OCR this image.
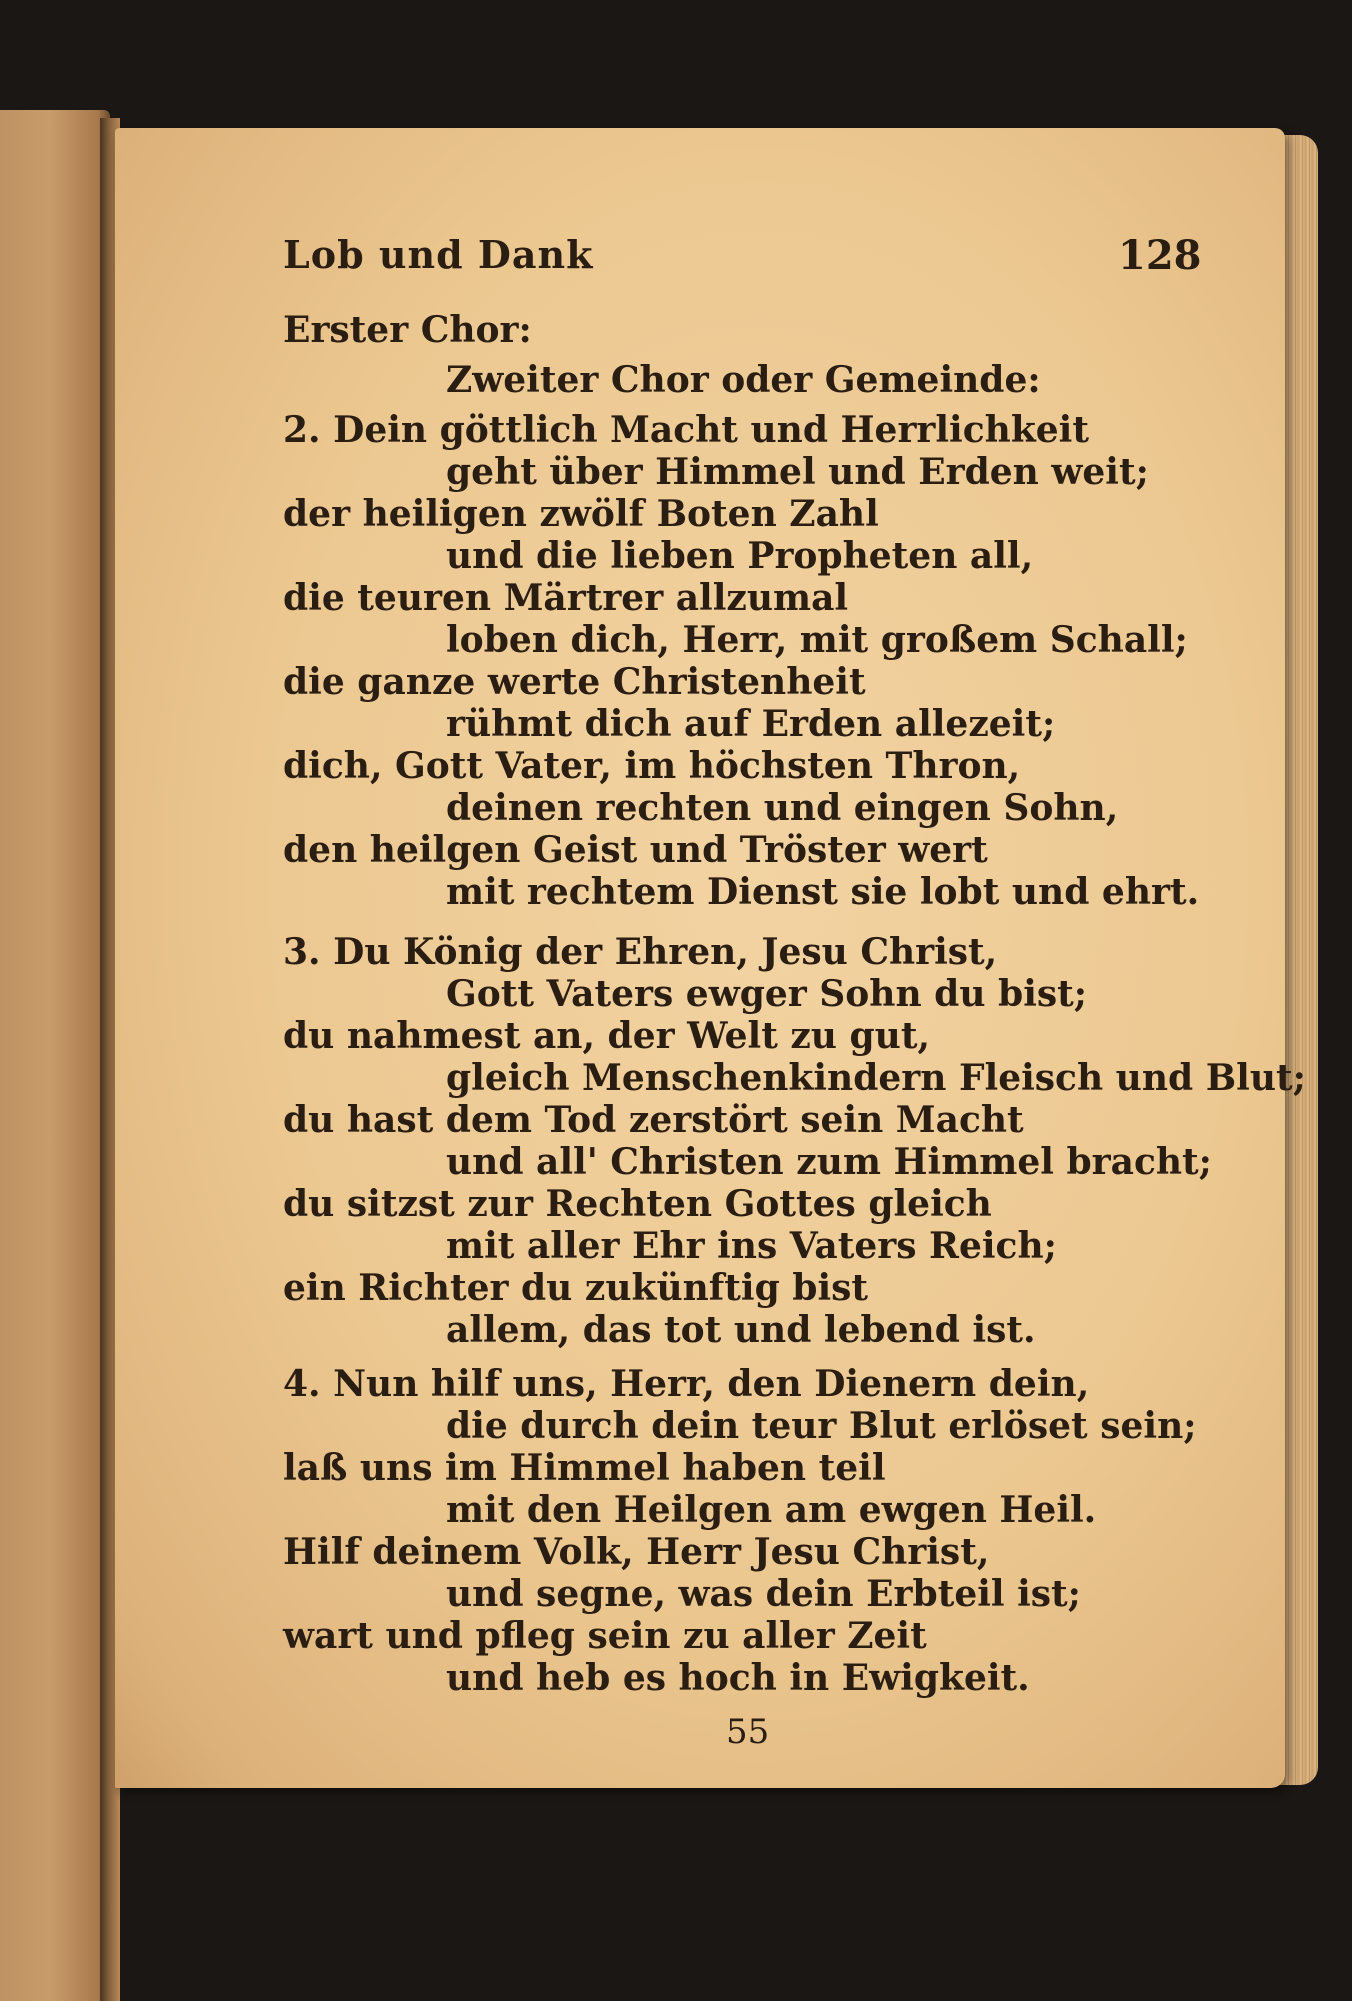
Lob und Dank	128
Erster Chor:
Zweiter Chor oder Gemeinde:
2. Dein göttlich Macht und Herrlichkeit
geht über Himmel und Erden weit;
der heiligen zwölf Boten Zahl
und die lieben Propheten all,
die teuren Märtrer allzumal
loben dich, Herr, mit großem Schall;
die ganze werte Christenheit
rühmt dich auf Erden allezeit;
dich, Gott Vater, im höchsten Thron,
deinen rechten und eingen Sohn,
den heilgen Geist und Tröster wert
mit rechtem Dienst sie lobt und ehrt.
3. Du König der Ehren, Jesu Christ,
Gott Vaters ewger Sohn du bist;
du nahmest an, der Welt zu gut,
gleich Menschenkindern Fleisch und Blut;
du hast dem Tod zerstört sein Macht
und all' Christen zum Himmel bracht;
du sitzst zur Rechten Gottes gleich
mit aller Ehr ins Vaters Reich;
ein Richter du zukünftig bist
allem, das tot und lebend ist.
4. Nun hilf uns, Herr, den Dienern dein,
die durch dein teur Blut erlöset sein;
laß uns im Himmel haben teil
mit den Heilgen am ewgen Heil.
Hilf deinem Volk, Herr Jesu Christ,
und segne, was dein Erbteil ist;
wart und pfleg sein zu aller Zeit
und heb es hoch in Ewigkeit.
55
